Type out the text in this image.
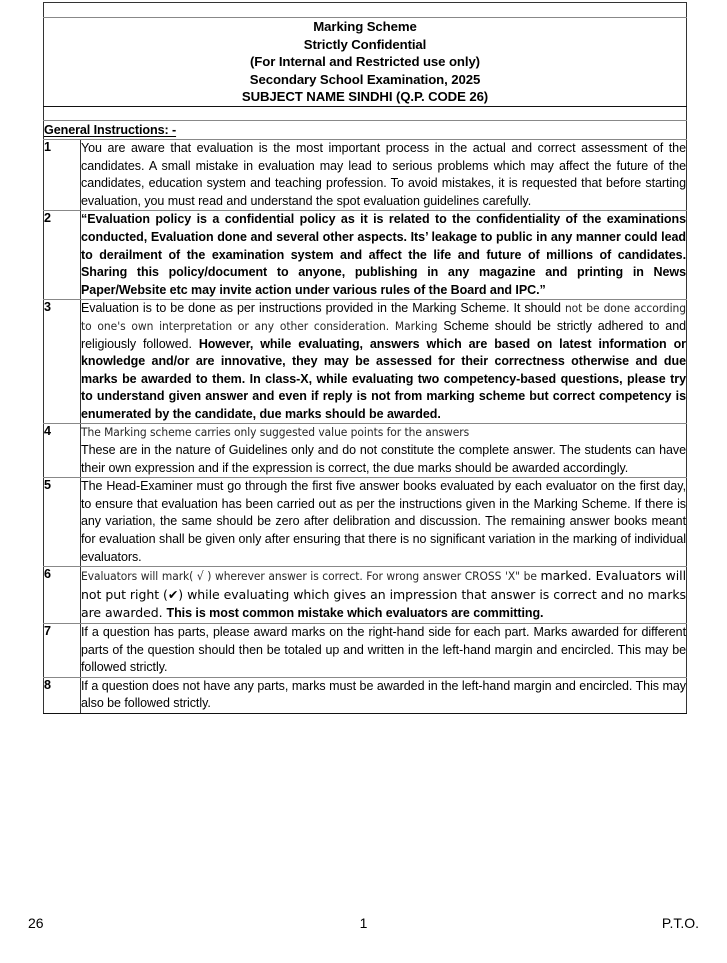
Marking Scheme
Strictly Confidential
(For Internal and Restricted use only)
Secondary School Examination, 2025
SUBJECT NAME SINDHI (Q.P. CODE 26)	

General Instructions: -	
1	You are aware that evaluation is the most important process in the actual and correct assessment of the candidates. A small mistake in evaluation may lead to serious problems which may affect the future of the candidates, education system and teaching profession. To avoid mistakes, it is requested that before starting evaluation, you must read and understand the spot evaluation guidelines carefully.

2	“Evaluation policy is a confidential policy as it is related to the confidentiality of the examinations conducted, Evaluation done and several other aspects. Its’ leakage to public in any manner could lead to derailment of the examination system and affect the life and future of millions of candidates. Sharing this policy/document to anyone, publishing in any magazine and printing in News Paper/Website etc may invite action under various rules of the Board and IPC.”

3	Evaluation is to be done as per instructions provided in the Marking Scheme. It should not be done according to one's own interpretation or any other consideration. Marking Scheme should be strictly adhered to and religiously followed. However, while evaluating, answers which are based on latest information or knowledge and/or are innovative, they may be assessed for their correctness otherwise and due marks be awarded to them. In class-X, while evaluating two competency-based questions, please try to understand given answer and even if reply is not from marking scheme but correct competency is enumerated by the candidate, due marks should be awarded.

4	The Marking scheme carries only suggested value points for the answers

These are in the nature of Guidelines only and do not constitute the complete answer. The students can have their own expression and if the expression is correct, the due marks should be awarded accordingly.

5	The Head-Examiner must go through the first five answer books evaluated by each evaluator on the first day, to ensure that evaluation has been carried out as per the instructions given in the Marking Scheme. If there is any variation, the same should be zero after delibration and discussion. The remaining answer books meant for evaluation shall be given only after ensuring that there is no significant variation in the marking of individual evaluators.

6	Evaluators will mark( √ ) wherever answer is correct. For wrong answer CROSS 'X" be marked. Evaluators will not put right (✔) while evaluating which gives an impression that answer is correct and no marks are awarded. This is most common mistake which evaluators are committing.

7	If a question has parts, please award marks on the right-hand side for each part. Marks awarded for different parts of the question should then be totaled up and written in the left-hand margin and encircled. This may be followed strictly.

8	If a question does not have any parts, marks must be awarded in the left-hand margin and encircled. This may also be followed strictly.

26	1	P.T.O.
